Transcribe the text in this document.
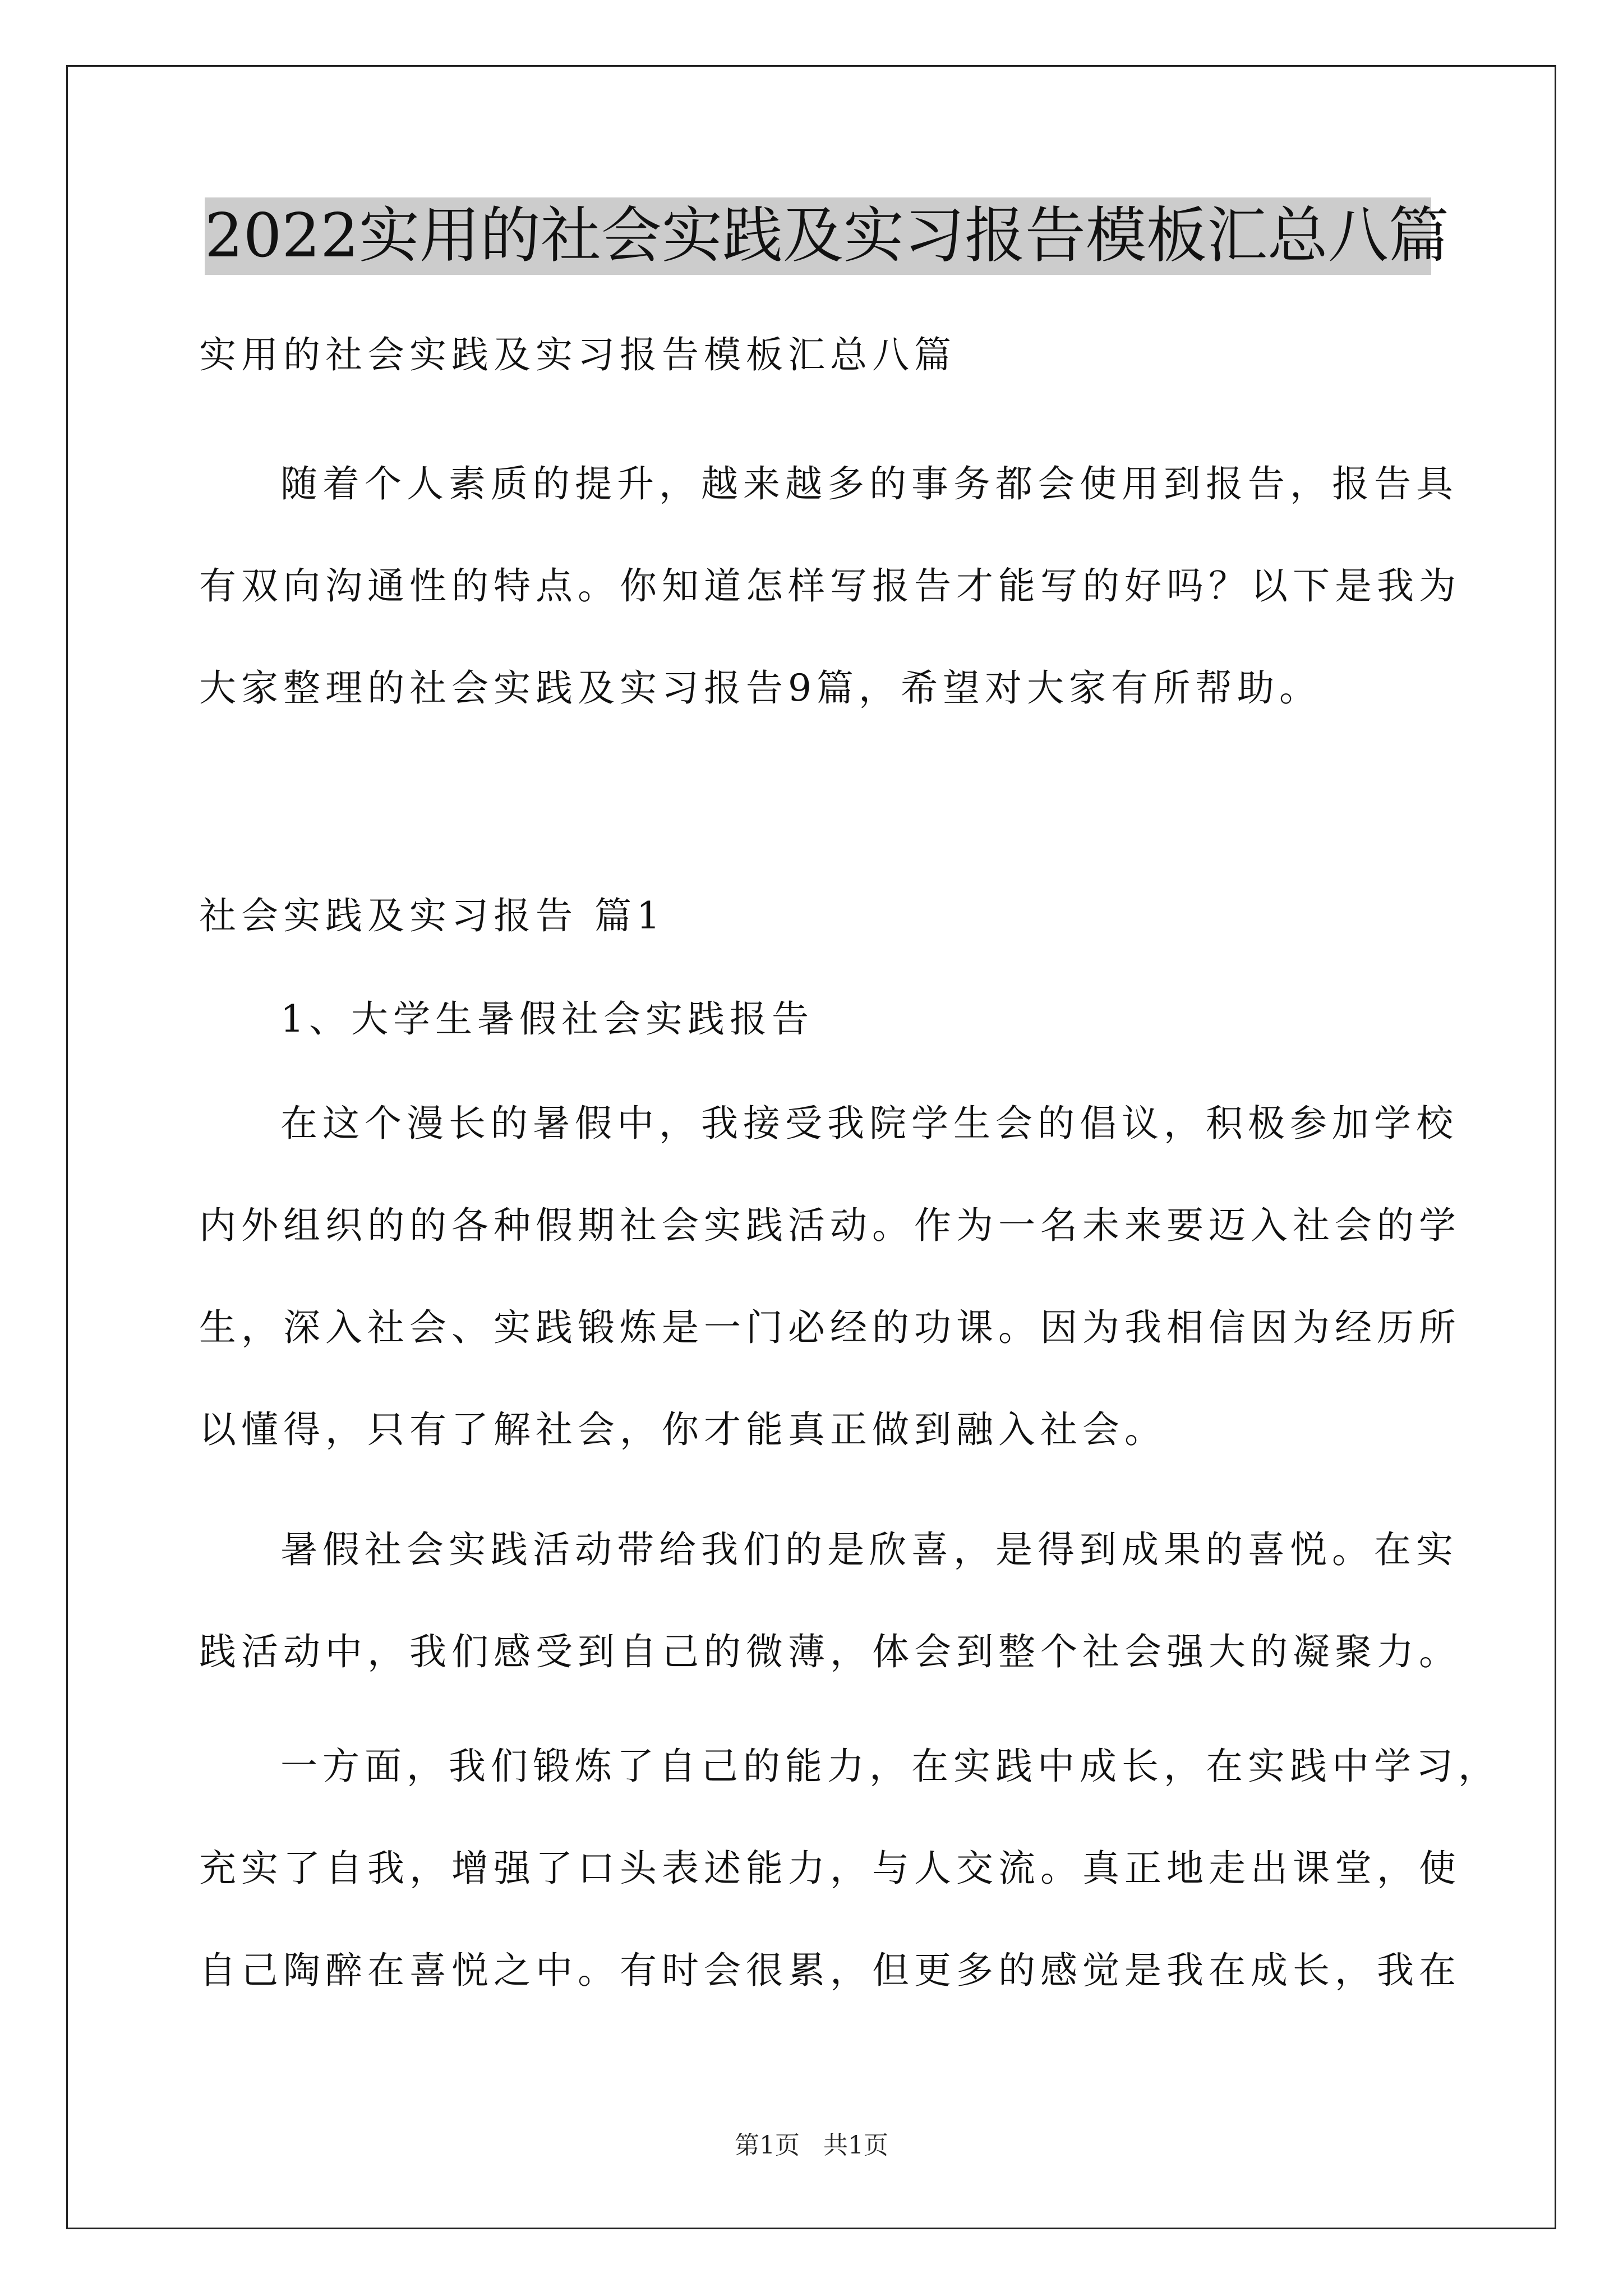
2022实用的社会实践及实习报告模板汇总八篇
实用的社会实践及实习报告模板汇总八篇
随着个人素质的提升，越来越多的事务都会使用到报告，报告具
有双向沟通性的特点。你知道怎样写报告才能写的好吗？以下是我为
大家整理的社会实践及实习报告9篇，希望对大家有所帮助。
社会实践及实习报告 篇1
1、大学生暑假社会实践报告
在这个漫长的暑假中，我接受我院学生会的倡议，积极参加学校
内外组织的的各种假期社会实践活动。作为一名未来要迈入社会的学
生，深入社会、实践锻炼是一门必经的功课。因为我相信因为经历所
以懂得，只有了解社会，你才能真正做到融入社会。
暑假社会实践活动带给我们的是欣喜，是得到成果的喜悦。在实
践活动中，我们感受到自己的微薄，体会到整个社会强大的凝聚力。
一方面，我们锻炼了自己的能力，在实践中成长，在实践中学习，
充实了自我，增强了口头表述能力，与人交流。真正地走出课堂，使
自己陶醉在喜悦之中。有时会很累，但更多的感觉是我在成长，我在
第1页 共1页
